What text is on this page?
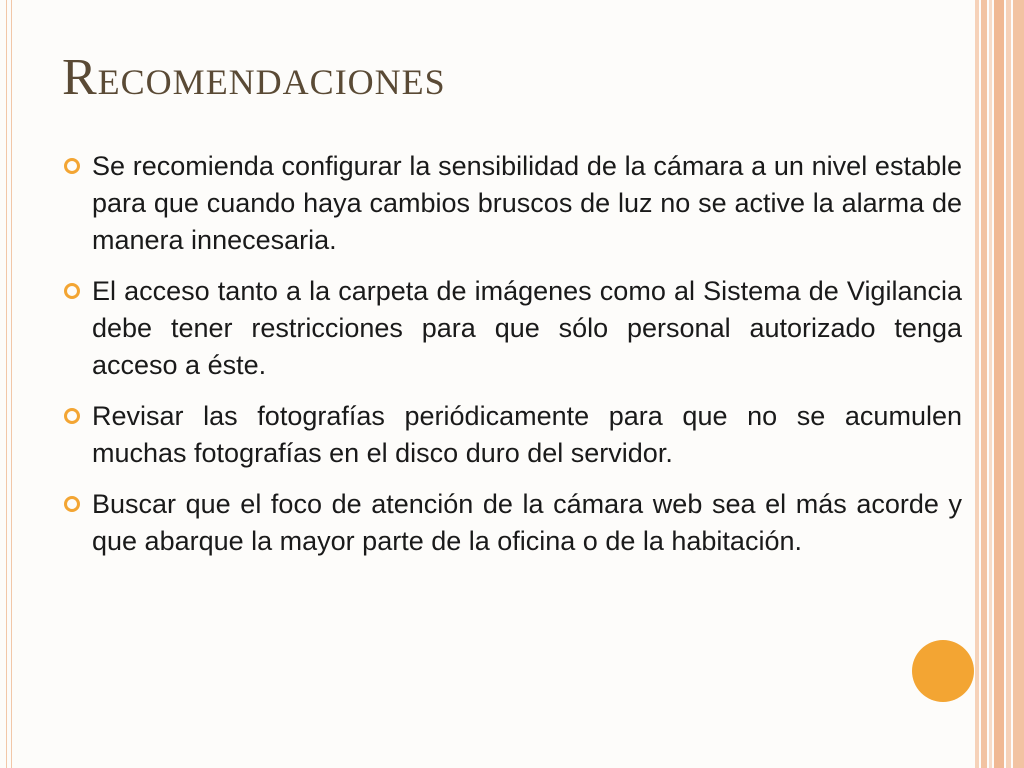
Recomendaciones

Se recomienda configurar la sensibilidad de la cámara a un nivel estable para que cuando haya cambios bruscos de luz no se active la alarma de manera innecesaria.

El acceso tanto a la carpeta de imágenes como al Sistema de Vigilancia debe tener restricciones para que sólo personal autorizado tenga acceso a éste.

Revisar las fotografías periódicamente para que no se acumulen muchas fotografías en el disco duro del servidor.

Buscar que el foco de atención de la cámara web sea el más acorde y que abarque la mayor parte de la oficina o de la habitación.
